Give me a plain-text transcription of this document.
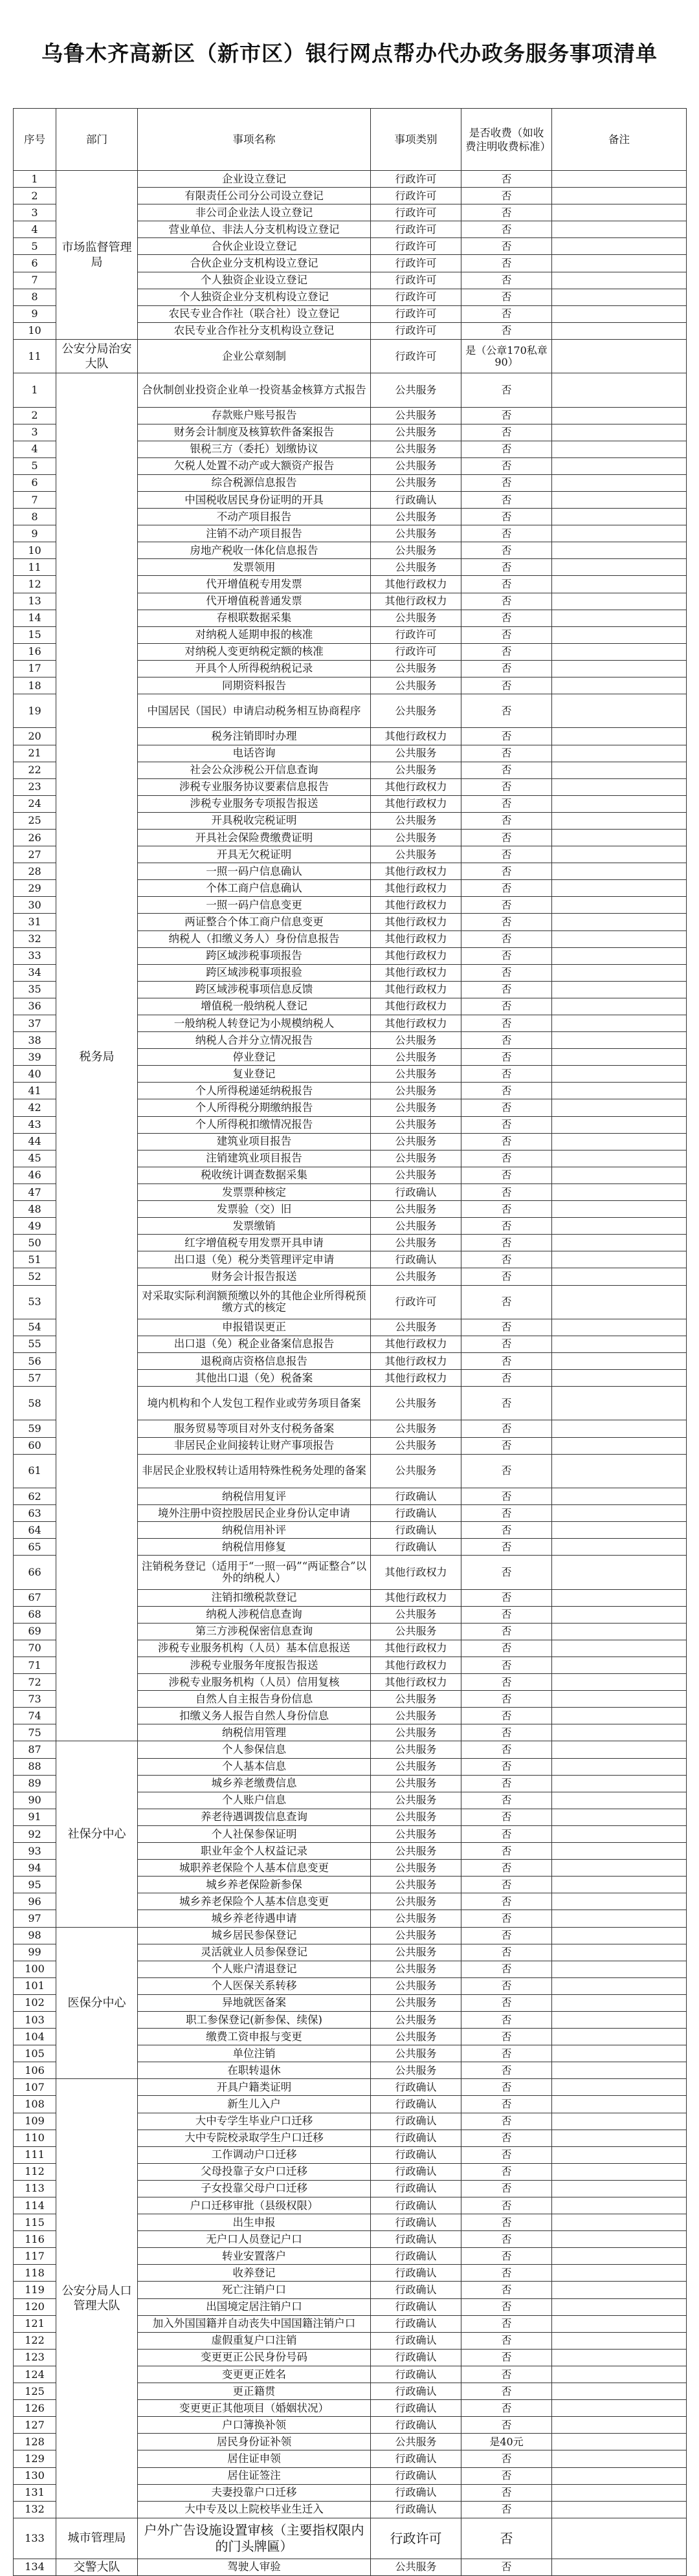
乌鲁木齐高新区（新市区）银行网点帮办代办政务服务事项清单
序号	部门	事项名称	事项类别	是否收费（如收费注明收费标准）	备注
1	市场监督管理局	企业设立登记	行政许可	否	
2		有限责任公司分公司设立登记	行政许可	否	
3		非公司企业法人设立登记	行政许可	否	
4		营业单位、非法人分支机构设立登记	行政许可	否	
5		合伙企业设立登记	行政许可	否	
6		合伙企业分支机构设立登记	行政许可	否	
7		个人独资企业设立登记	行政许可	否	
8		个人独资企业分支机构设立登记	行政许可	否	
9		农民专业合作社（联合社）设立登记	行政许可	否	
10		农民专业合作社分支机构设立登记	行政许可	否	
11	公安分局治安大队	企业公章刻制	行政许可	是（公章170私章90）	
1	税务局	合伙制创业投资企业单一投资基金核算方式报告	公共服务	否	
2		存款账户账号报告	公共服务	否	
3		财务会计制度及核算软件备案报告	公共服务	否	
4		银税三方（委托）划缴协议	公共服务	否	
5		欠税人处置不动产或大额资产报告	公共服务	否	
6		综合税源信息报告	公共服务	否	
7		中国税收居民身份证明的开具	行政确认	否	
8		不动产项目报告	公共服务	否	
9		注销不动产项目报告	公共服务	否	
10		房地产税收一体化信息报告	公共服务	否	
11		发票领用	公共服务	否	
12		代开增值税专用发票	其他行政权力	否	
13		代开增值税普通发票	其他行政权力	否	
14		存根联数据采集	公共服务	否	
15		对纳税人延期申报的核准	行政许可	否	
16		对纳税人变更纳税定额的核准	行政许可	否	
17		开具个人所得税纳税记录	公共服务	否	
18		同期资料报告	公共服务	否	
19		中国居民（国民）申请启动税务相互协商程序	公共服务	否	
20		税务注销即时办理	其他行政权力	否	
21		电话咨询	公共服务	否	
22		社会公众涉税公开信息查询	公共服务	否	
23		涉税专业服务协议要素信息报告	其他行政权力	否	
24		涉税专业服务专项报告报送	其他行政权力	否	
25		开具税收完税证明	公共服务	否	
26		开具社会保险费缴费证明	公共服务	否	
27		开具无欠税证明	公共服务	否	
28		一照一码户信息确认	其他行政权力	否	
29		个体工商户信息确认	其他行政权力	否	
30		一照一码户信息变更	其他行政权力	否	
31		两证整合个体工商户信息变更	其他行政权力	否	
32		纳税人（扣缴义务人）身份信息报告	其他行政权力	否	
33		跨区域涉税事项报告	其他行政权力	否	
34		跨区域涉税事项报验	其他行政权力	否	
35		跨区域涉税事项信息反馈	其他行政权力	否	
36		增值税一般纳税人登记	其他行政权力	否	
37		一般纳税人转登记为小规模纳税人	其他行政权力	否	
38		纳税人合并分立情况报告	公共服务	否	
39		停业登记	公共服务	否	
40		复业登记	公共服务	否	
41		个人所得税递延纳税报告	公共服务	否	
42		个人所得税分期缴纳报告	公共服务	否	
43		个人所得税扣缴情况报告	公共服务	否	
44		建筑业项目报告	公共服务	否	
45		注销建筑业项目报告	公共服务	否	
46		税收统计调查数据采集	公共服务	否	
47		发票票种核定	行政确认	否	
48		发票验（交）旧	公共服务	否	
49		发票缴销	公共服务	否	
50		红字增值税专用发票开具申请	公共服务	否	
51		出口退（免）税分类管理评定申请	行政确认	否	
52		财务会计报告报送	公共服务	否	
53		对采取实际利润额预缴以外的其他企业所得税预缴方式的核定	行政许可	否	
54		申报错误更正	公共服务	否	
55		出口退（免）税企业备案信息报告	其他行政权力	否	
56		退税商店资格信息报告	其他行政权力	否	
57		其他出口退（免）税备案	其他行政权力	否	
58		境内机构和个人发包工程作业或劳务项目备案	公共服务	否	
59		服务贸易等项目对外支付税务备案	公共服务	否	
60		非居民企业间接转让财产事项报告	公共服务	否	
61		非居民企业股权转让适用特殊性税务处理的备案	公共服务	否	
62		纳税信用复评	行政确认	否	
63		境外注册中资控股居民企业身份认定申请	行政确认	否	
64		纳税信用补评	行政确认	否	
65		纳税信用修复	行政确认	否	
66		注销税务登记（适用于“一照一码”“两证整合”以外的纳税人）	其他行政权力	否	
67		注销扣缴税款登记	其他行政权力	否	
68		纳税人涉税信息查询	公共服务	否	
69		第三方涉税保密信息查询	公共服务	否	
70		涉税专业服务机构（人员）基本信息报送	其他行政权力	否	
71		涉税专业服务年度报告报送	其他行政权力	否	
72		涉税专业服务机构（人员）信用复核	其他行政权力	否	
73		自然人自主报告身份信息	公共服务	否	
74		扣缴义务人报告自然人身份信息	公共服务	否	
75		纳税信用管理	公共服务	否	
87	社保分中心	个人参保信息	公共服务	否	
88		个人基本信息	公共服务	否	
89		城乡养老缴费信息	公共服务	否	
90		个人账户信息	公共服务	否	
91		养老待遇调拨信息查询	公共服务	否	
92		个人社保参保证明	公共服务	否	
93		职业年金个人权益记录	公共服务	否	
94		城职养老保险个人基本信息变更	公共服务	否	
95		城乡养老保险新参保	公共服务	否	
96		城乡养老保险个人基本信息变更	公共服务	否	
97		城乡养老待遇申请	公共服务	否	
98	医保分中心	城乡居民参保登记	公共服务	否	
99		灵活就业人员参保登记	公共服务	否	
100		个人账户清退登记	公共服务	否	
101		个人医保关系转移	公共服务	否	
102		异地就医备案	公共服务	否	
103		职工参保登记(新参保、续保)	公共服务	否	
104		缴费工资申报与变更	公共服务	否	
105		单位注销	公共服务	否	
106		在职转退休	公共服务	否	
107	公安分局人口管理大队	开具户籍类证明	行政确认	否	
108		新生儿入户	行政确认	否	
109		大中专学生毕业户口迁移	行政确认	否	
110		大中专院校录取学生户口迁移	行政确认	否	
111		工作调动户口迁移	行政确认	否	
112		父母投靠子女户口迁移	行政确认	否	
113		子女投靠父母户口迁移	行政确认	否	
114		户口迁移审批（县级权限）	行政确认	否	
115		出生申报	行政确认	否	
116		无户口人员登记户口	行政确认	否	
117		转业安置落户	行政确认	否	
118		收养登记	行政确认	否	
119		死亡注销户口	行政确认	否	
120		出国境定居注销户口	行政确认	否	
121		加入外国国籍并自动丧失中国国籍注销户口	行政确认	否	
122		虚假重复户口注销	行政确认	否	
123		变更更正公民身份号码	行政确认	否	
124		变更更正姓名	行政确认	否	
125		更正籍贯	行政确认	否	
126		变更更正其他项目（婚姻状况）	行政确认	否	
127		户口簿换补领	行政确认	否	
128		居民身份证补领	公共服务	是40元	
129		居住证申领	行政确认	否	
130		居住证签注	行政确认	否	
131		夫妻投靠户口迁移	行政确认	否	
132		大中专及以上院校毕业生迁入	行政确认	否	
133	城市管理局	户外广告设施设置审核（主要指权限内的门头牌匾）	行政许可	否	
134	交警大队	驾驶人审验	公共服务	否	
